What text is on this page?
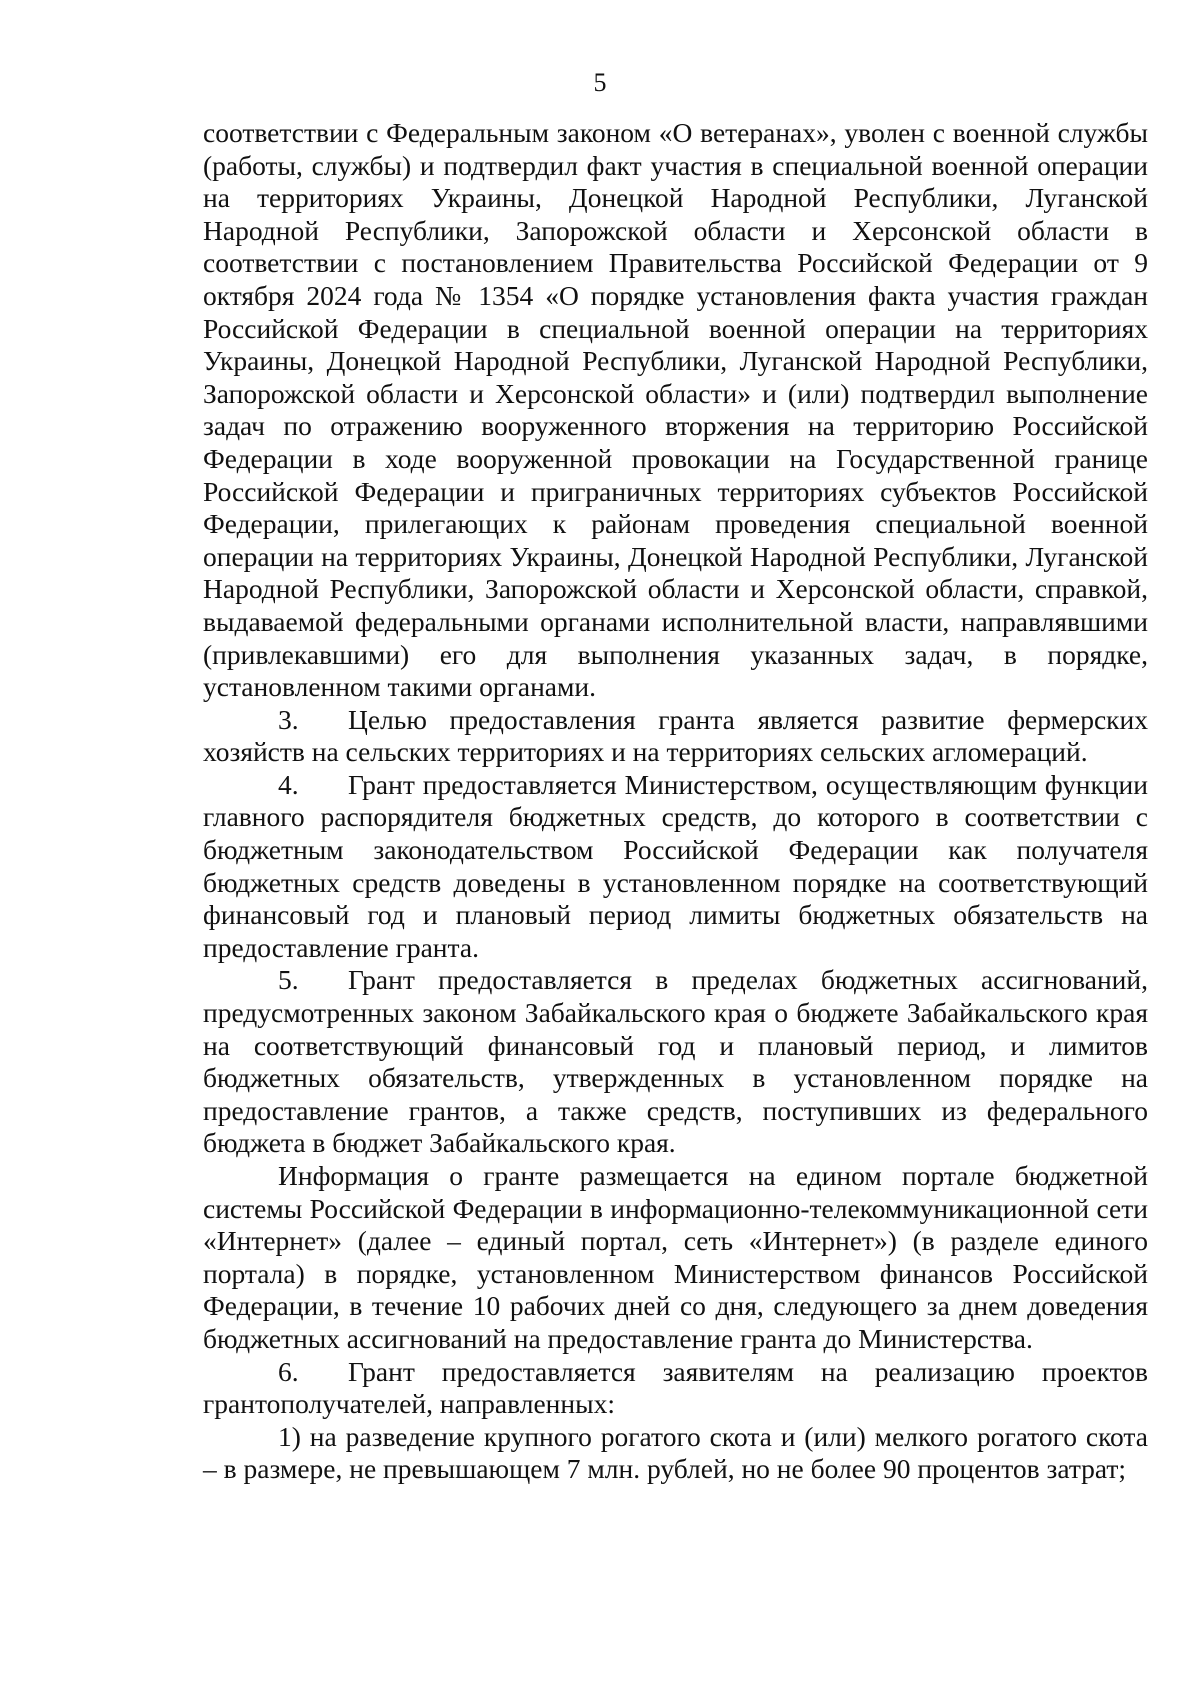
5

соответствии с Федеральным законом «О ветеранах», уволен с военной службы (работы, службы) и подтвердил факт участия в специальной военной операции на территориях Украины, Донецкой Народной Республики, Луганской Народной Республики, Запорожской области и Херсонской области в соответствии с постановлением Правительства Российской Федерации от 9 октября 2024 года № 1354 «О порядке установления факта участия граждан Российской Федерации в специальной военной операции на территориях Украины, Донецкой Народной Республики, Луганской Народной Республики, Запорожской области и Херсонской области» и (или) подтвердил выполнение задач по отражению вооруженного вторжения на территорию Российской Федерации в ходе вооруженной провокации на Государственной границе Российской Федерации и приграничных территориях субъектов Российской Федерации, прилегающих к районам проведения специальной военной операции на территориях Украины, Донецкой Народной Республики, Луганской Народной Республики, Запорожской области и Херсонской области, справкой, выдаваемой федеральными органами исполнительной власти, направлявшими (привлекавшими) его для выполнения указанных задач, в порядке, установленном такими органами.

3. Целью предоставления гранта является развитие фермерских хозяйств на сельских территориях и на территориях сельских агломераций.

4. Грант предоставляется Министерством, осуществляющим функции главного распорядителя бюджетных средств, до которого в соответствии с бюджетным законодательством Российской Федерации как получателя бюджетных средств доведены в установленном порядке на соответствующий финансовый год и плановый период лимиты бюджетных обязательств на предоставление гранта.

5. Грант предоставляется в пределах бюджетных ассигнований, предусмотренных законом Забайкальского края о бюджете Забайкальского края на соответствующий финансовый год и плановый период, и лимитов бюджетных обязательств, утвержденных в установленном порядке на предоставление грантов, а также средств, поступивших из федерального бюджета в бюджет Забайкальского края.

Информация о гранте размещается на едином портале бюджетной системы Российской Федерации в информационно-телекоммуникационной сети «Интернет» (далее – единый портал, сеть «Интернет») (в разделе единого портала) в порядке, установленном Министерством финансов Российской Федерации, в течение 10 рабочих дней со дня, следующего за днем доведения бюджетных ассигнований на предоставление гранта до Министерства.

6. Грант предоставляется заявителям на реализацию проектов грантополучателей, направленных:

1) на разведение крупного рогатого скота и (или) мелкого рогатого скота – в размере, не превышающем 7 млн. рублей, но не более 90 процентов затрат;
